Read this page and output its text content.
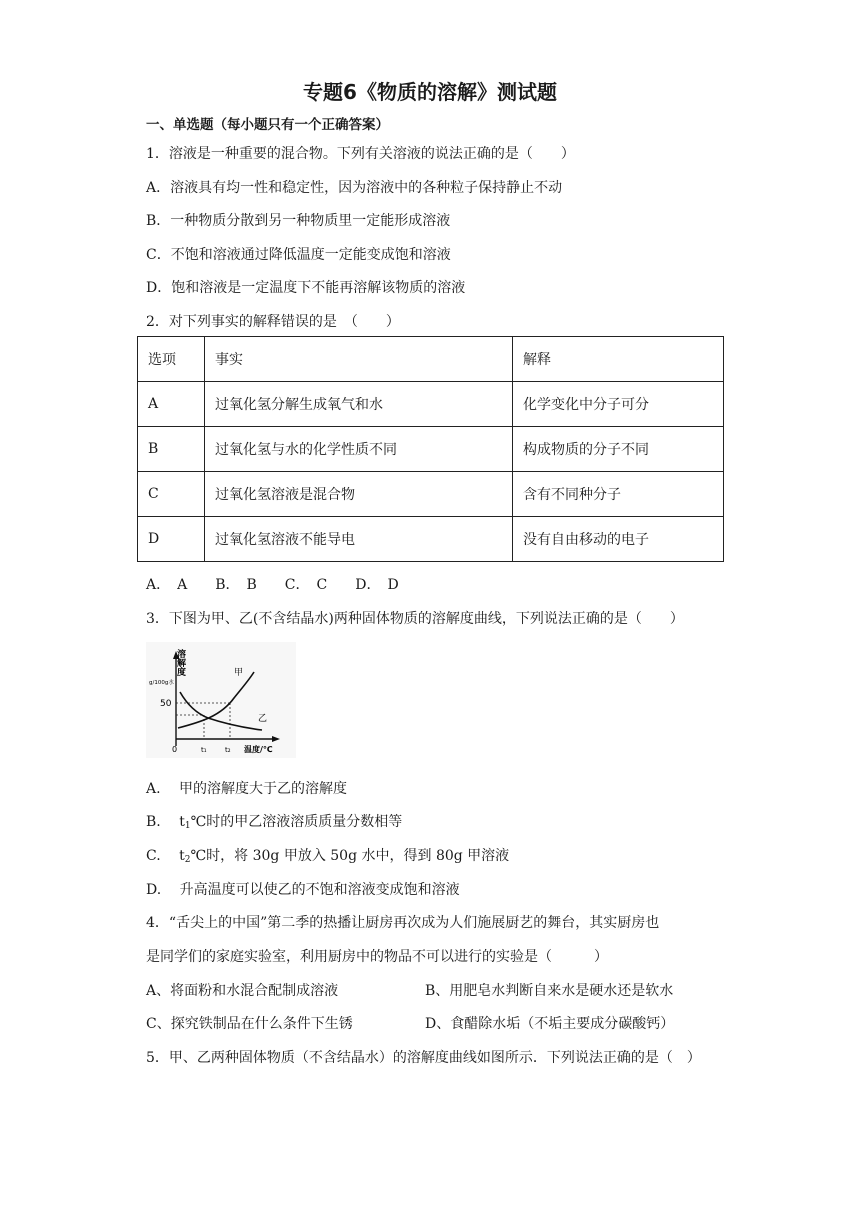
专题6《物质的溶解》测试题
一、单选题（每小题只有一个正确答案）
1．溶液是一种重要的混合物。下列有关溶液的说法正确的是（　　）
A．溶液具有均一性和稳定性，因为溶液中的各种粒子保持静止不动
B．一种物质分散到另一种物质里一定能形成溶液
C．不饱和溶液通过降低温度一定能变成饱和溶液
D．饱和溶液是一定温度下不能再溶解该物质的溶液
2．对下列事实的解释错误的是　（　　）
选项	事实	解释
A	过氧化氢分解生成氧气和水	化学变化中分子可分
B	过氧化氢与水的化学性质不同	构成物质的分子不同
C	过氧化氢溶液是混合物	含有不同种分子
D	过氧化氢溶液不能导电	没有自由移动的电子
A．　A　　B．　B　　C．　C　　D．　D
3．下图为甲、乙(不含结晶水)两种固体物质的溶解度曲线，下列说法正确的是（　　）
溶解度
g/100g水
50
0	t₁	t₂ 温度/℃
甲
乙
A.　 甲的溶解度大于乙的溶解度
B.　 $t_1℃$时的甲乙溶液溶质质量分数相等
C.　 $t_2℃$时，将 30g 甲放入 50g 水中，得到 80g 甲溶液
D.　 升高温度可以使乙的不饱和溶液变成饱和溶液
4．“舌尖上的中国”第二季的热播让厨房再次成为人们施展厨艺的舞台，其实厨房也
是同学们的家庭实验室，利用厨房中的物品不可以进行的实验是（　　　）
A、将面粉和水混合配制成溶液	B、用肥皂水判断自来水是硬水还是软水
C、探究铁制品在什么条件下生锈	D、食醋除水垢（不垢主要成分碳酸钙）
5．甲、乙两种固体物质（不含结晶水）的溶解度曲线如图所示．下列说法正确的是（　）
